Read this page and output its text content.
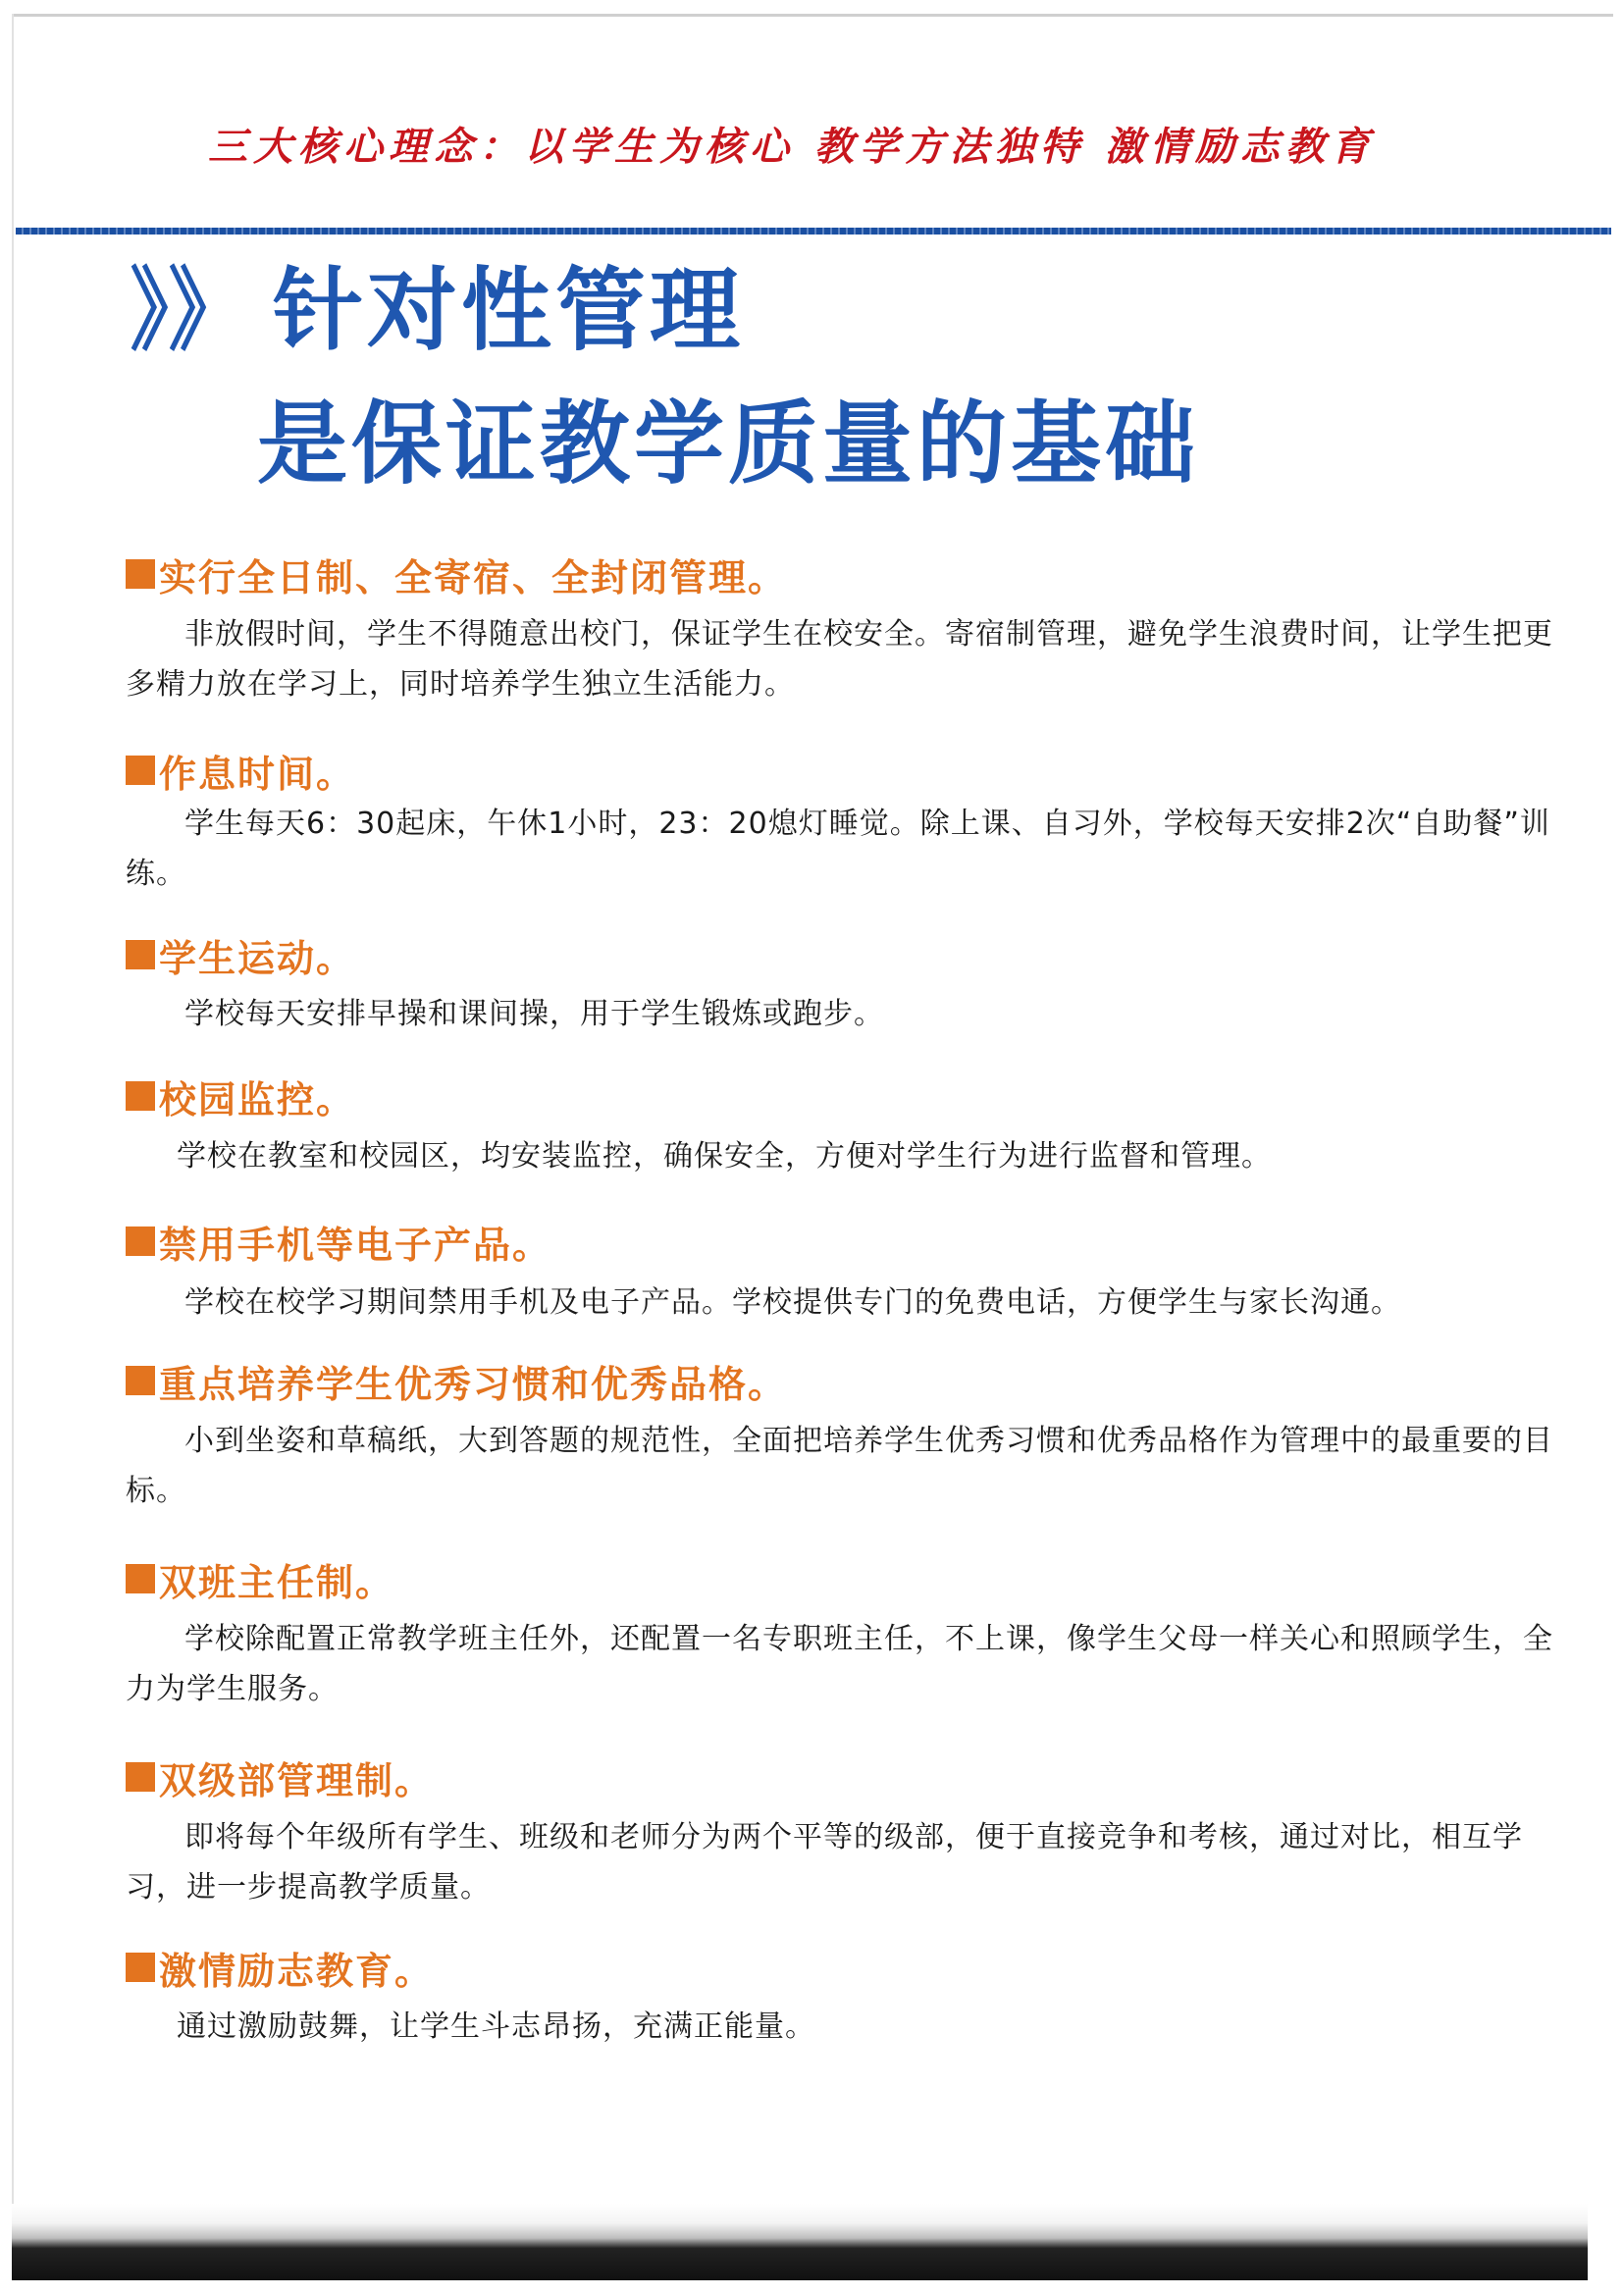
三大核心理念：以学生为核心 教学方法独特 激情励志教育
》》 针对性管理
是保证教学质量的基础
实行全日制、全寄宿、全封闭管理。
非放假时间，学生不得随意出校门，保证学生在校安全。寄宿制管理，避免学生浪费时间，让学生把更多精力放在学习上，同时培养学生独立生活能力。
作息时间。
学生每天6：30起床，午休1小时，23：20熄灯睡觉。除上课、自习外，学校每天安排2次“自助餐”训练。
学生运动。
学校每天安排早操和课间操，用于学生锻炼或跑步。
校园监控。
学校在教室和校园区，均安装监控，确保安全，方便对学生行为进行监督和管理。
禁用手机等电子产品。
学校在校学习期间禁用手机及电子产品。学校提供专门的免费电话，方便学生与家长沟通。
重点培养学生优秀习惯和优秀品格。
小到坐姿和草稿纸，大到答题的规范性，全面把培养学生优秀习惯和优秀品格作为管理中的最重要的目标。
双班主任制。
学校除配置正常教学班主任外，还配置一名专职班主任，不上课，像学生父母一样关心和照顾学生，全力为学生服务。
双级部管理制。
即将每个年级所有学生、班级和老师分为两个平等的级部，便于直接竞争和考核，通过对比，相互学习，进一步提高教学质量。
激情励志教育。
通过激励鼓舞，让学生斗志昂扬，充满正能量。
